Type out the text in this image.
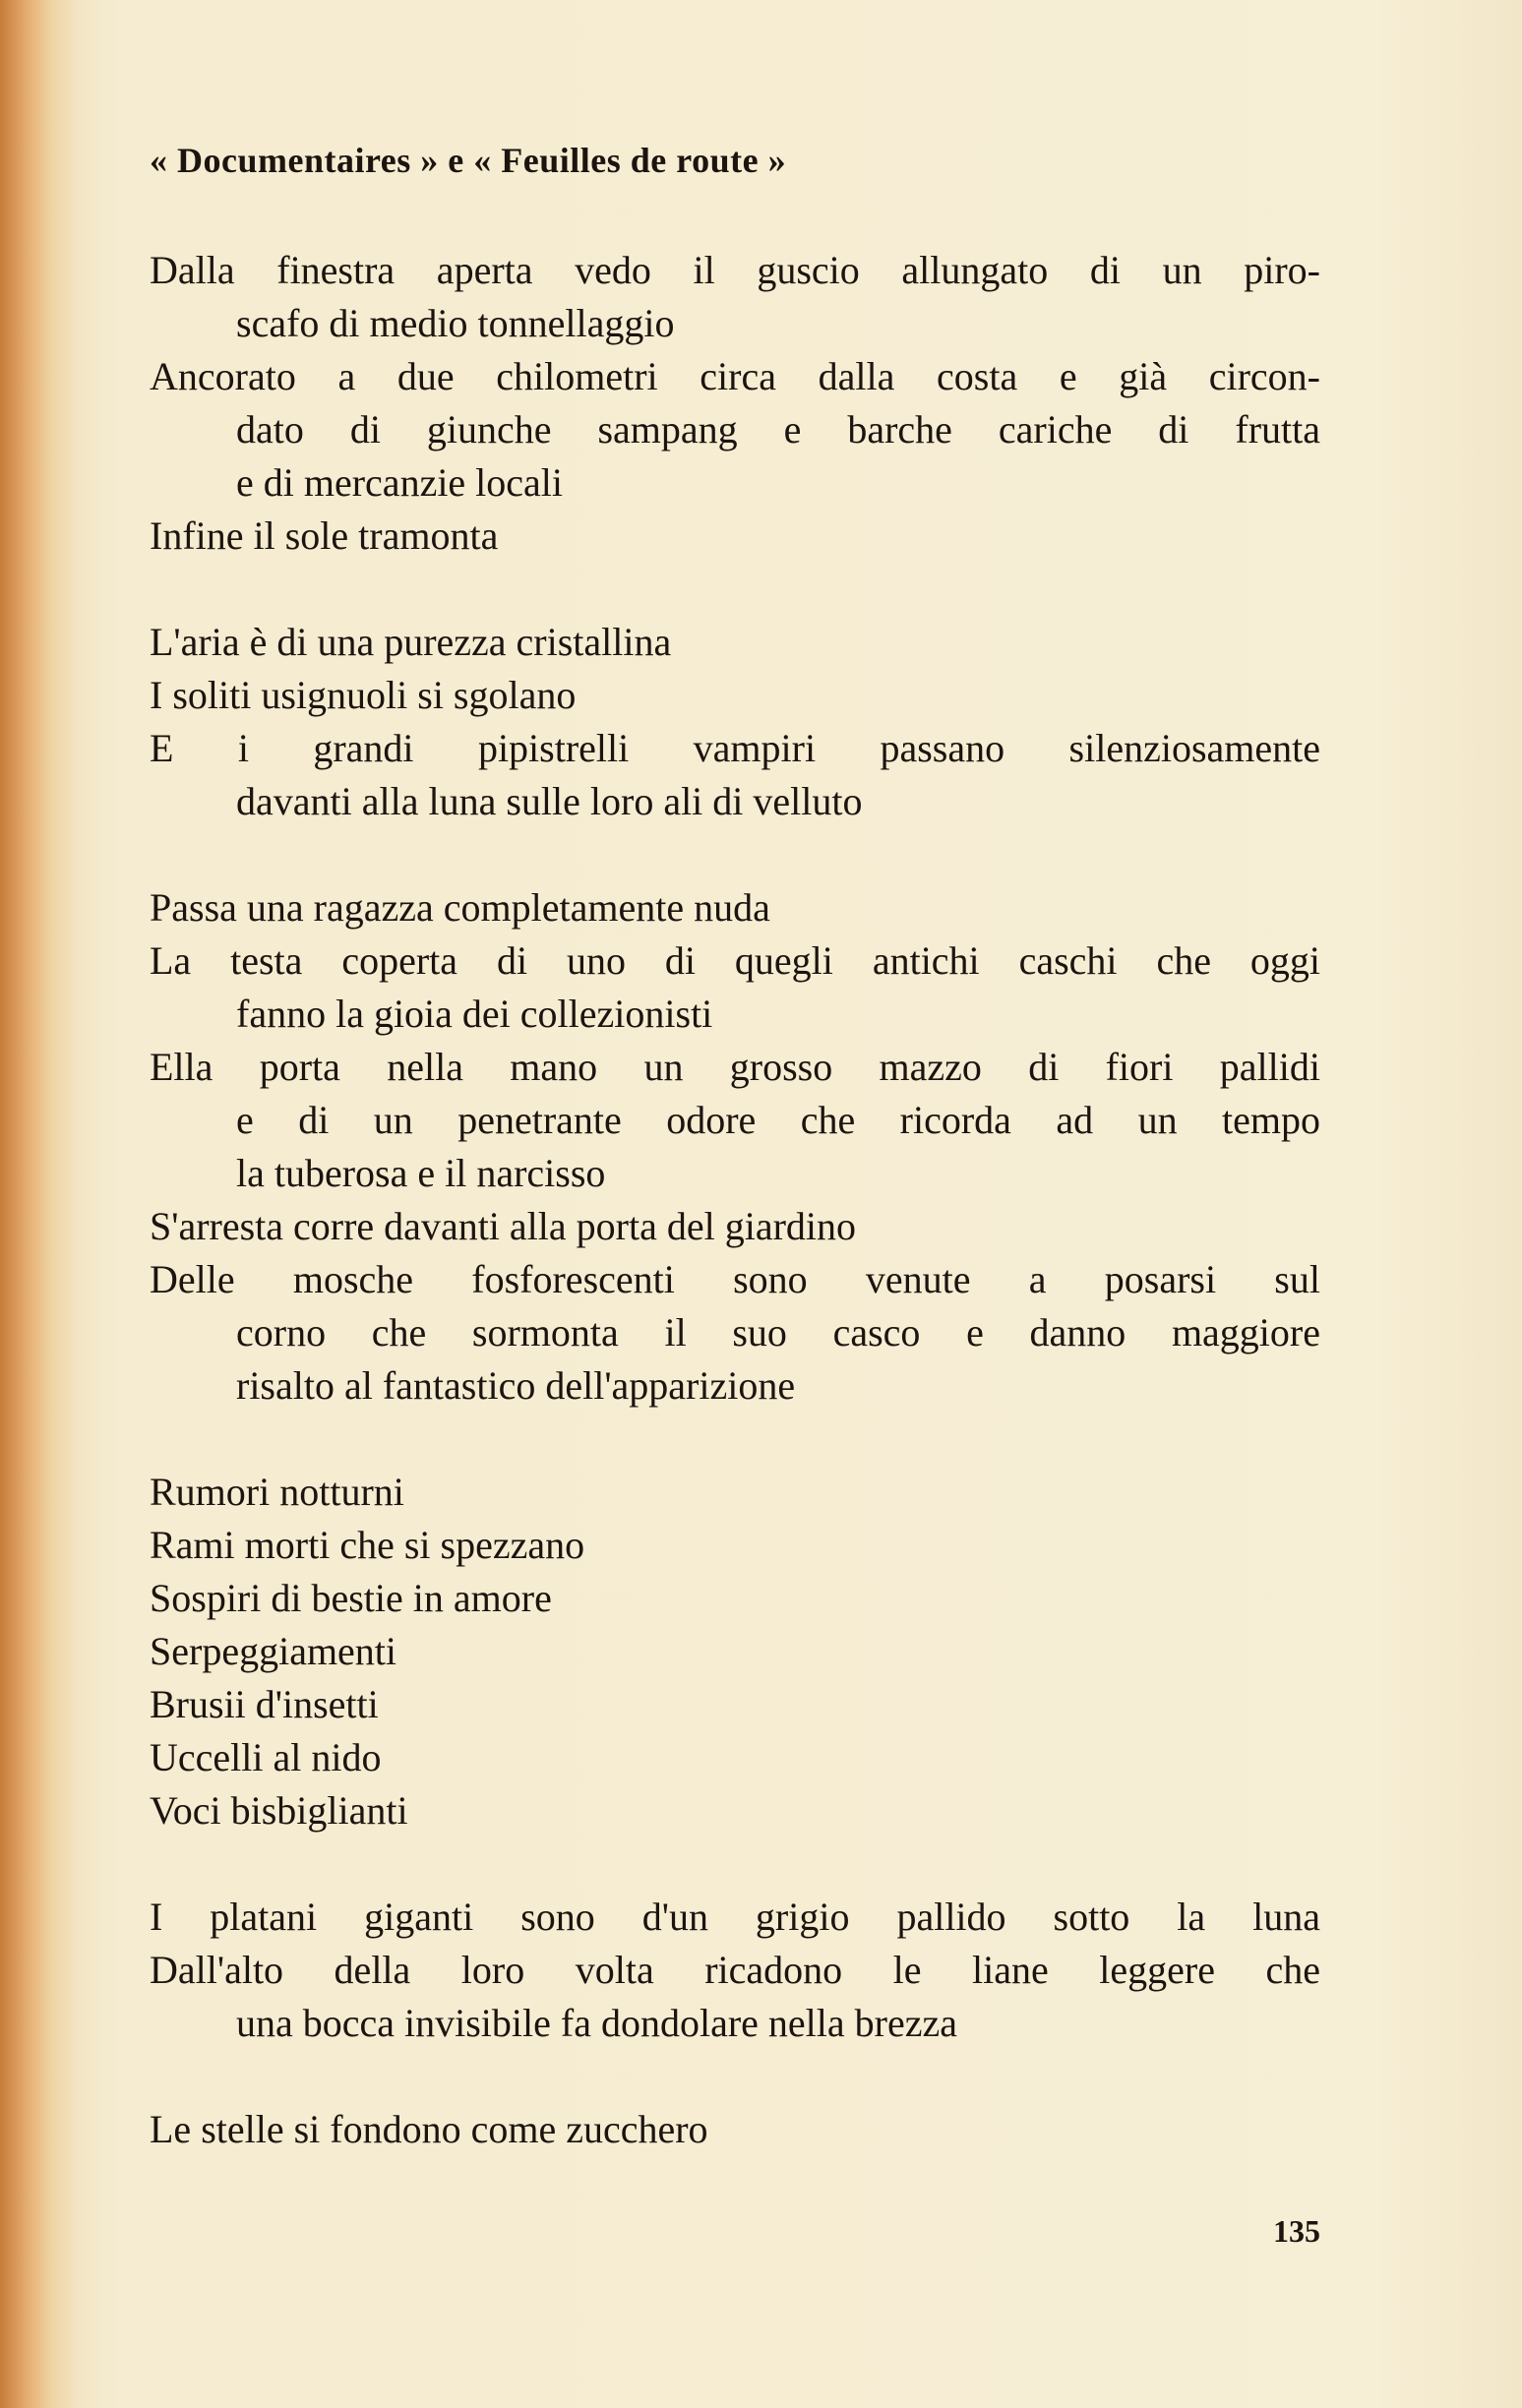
« Documentaires » e « Feuilles de route »
Dalla finestra aperta vedo il guscio allungato di un piro-
scafo di medio tonnellaggio
Ancorato a due chilometri circa dalla costa e già circon-
dato di giunche sampang e barche cariche di frutta
e di mercanzie locali
Infine il sole tramonta
L'aria è di una purezza cristallina
I soliti usignuoli si sgolano
E i grandi pipistrelli vampiri passano silenziosamente
davanti alla luna sulle loro ali di velluto
Passa una ragazza completamente nuda
La testa coperta di uno di quegli antichi caschi che oggi
fanno la gioia dei collezionisti
Ella porta nella mano un grosso mazzo di fiori pallidi
e di un penetrante odore che ricorda ad un tempo
la tuberosa e il narcisso
S'arresta corre davanti alla porta del giardino
Delle mosche fosforescenti sono venute a posarsi sul
corno che sormonta il suo casco e danno maggiore
risalto al fantastico dell'apparizione
Rumori notturni
Rami morti che si spezzano
Sospiri di bestie in amore
Serpeggiamenti
Brusii d'insetti
Uccelli al nido
Voci bisbiglianti
I platani giganti sono d'un grigio pallido sotto la luna
Dall'alto della loro volta ricadono le liane leggere che
una bocca invisibile fa dondolare nella brezza
Le stelle si fondono come zucchero
135
